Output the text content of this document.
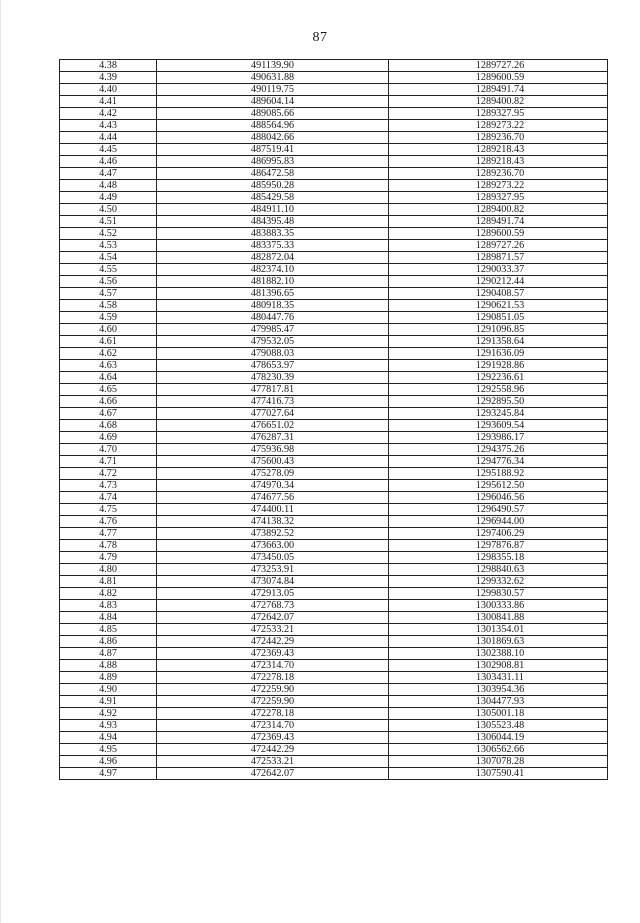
87
4.38	491139.90	1289727.26
4.39	490631.88	1289600.59
4.40	490119.75	1289491.74
4.41	489604.14	1289400.82
4.42	489085.66	1289327.95
4.43	488564.96	1289273.22
4.44	488042.66	1289236.70
4.45	487519.41	1289218.43
4.46	486995.83	1289218.43
4.47	486472.58	1289236.70
4.48	485950.28	1289273.22
4.49	485429.58	1289327.95
4.50	484911.10	1289400.82
4.51	484395.48	1289491.74
4.52	483883.35	1289600.59
4.53	483375.33	1289727.26
4.54	482872.04	1289871.57
4.55	482374.10	1290033.37
4.56	481882.10	1290212.44
4.57	481396.65	1290408.57
4.58	480918.35	1290621.53
4.59	480447.76	1290851.05
4.60	479985.47	1291096.85
4.61	479532.05	1291358.64
4.62	479088.03	1291636.09
4.63	478653.97	1291928.86
4.64	478230.39	1292236.61
4.65	477817.81	1292558.96
4.66	477416.73	1292895.50
4.67	477027.64	1293245.84
4.68	476651.02	1293609.54
4.69	476287.31	1293986.17
4.70	475936.98	1294375.26
4.71	475600.43	1294776.34
4.72	475278.09	1295188.92
4.73	474970.34	1295612.50
4.74	474677.56	1296046.56
4.75	474400.11	1296490.57
4.76	474138.32	1296944.00
4.77	473892.52	1297406.29
4.78	473663.00	1297876.87
4.79	473450.05	1298355.18
4.80	473253.91	1298840.63
4.81	473074.84	1299332.62
4.82	472913.05	1299830.57
4.83	472768.73	1300333.86
4.84	472642.07	1300841.88
4.85	472533.21	1301354.01
4.86	472442.29	1301869.63
4.87	472369.43	1302388.10
4.88	472314.70	1302908.81
4.89	472278.18	1303431.11
4.90	472259.90	1303954.36
4.91	472259.90	1304477.93
4.92	472278.18	1305001.18
4.93	472314.70	1305523.48
4.94	472369.43	1306044.19
4.95	472442.29	1306562.66
4.96	472533.21	1307078.28
4.97	472642.07	1307590.41
